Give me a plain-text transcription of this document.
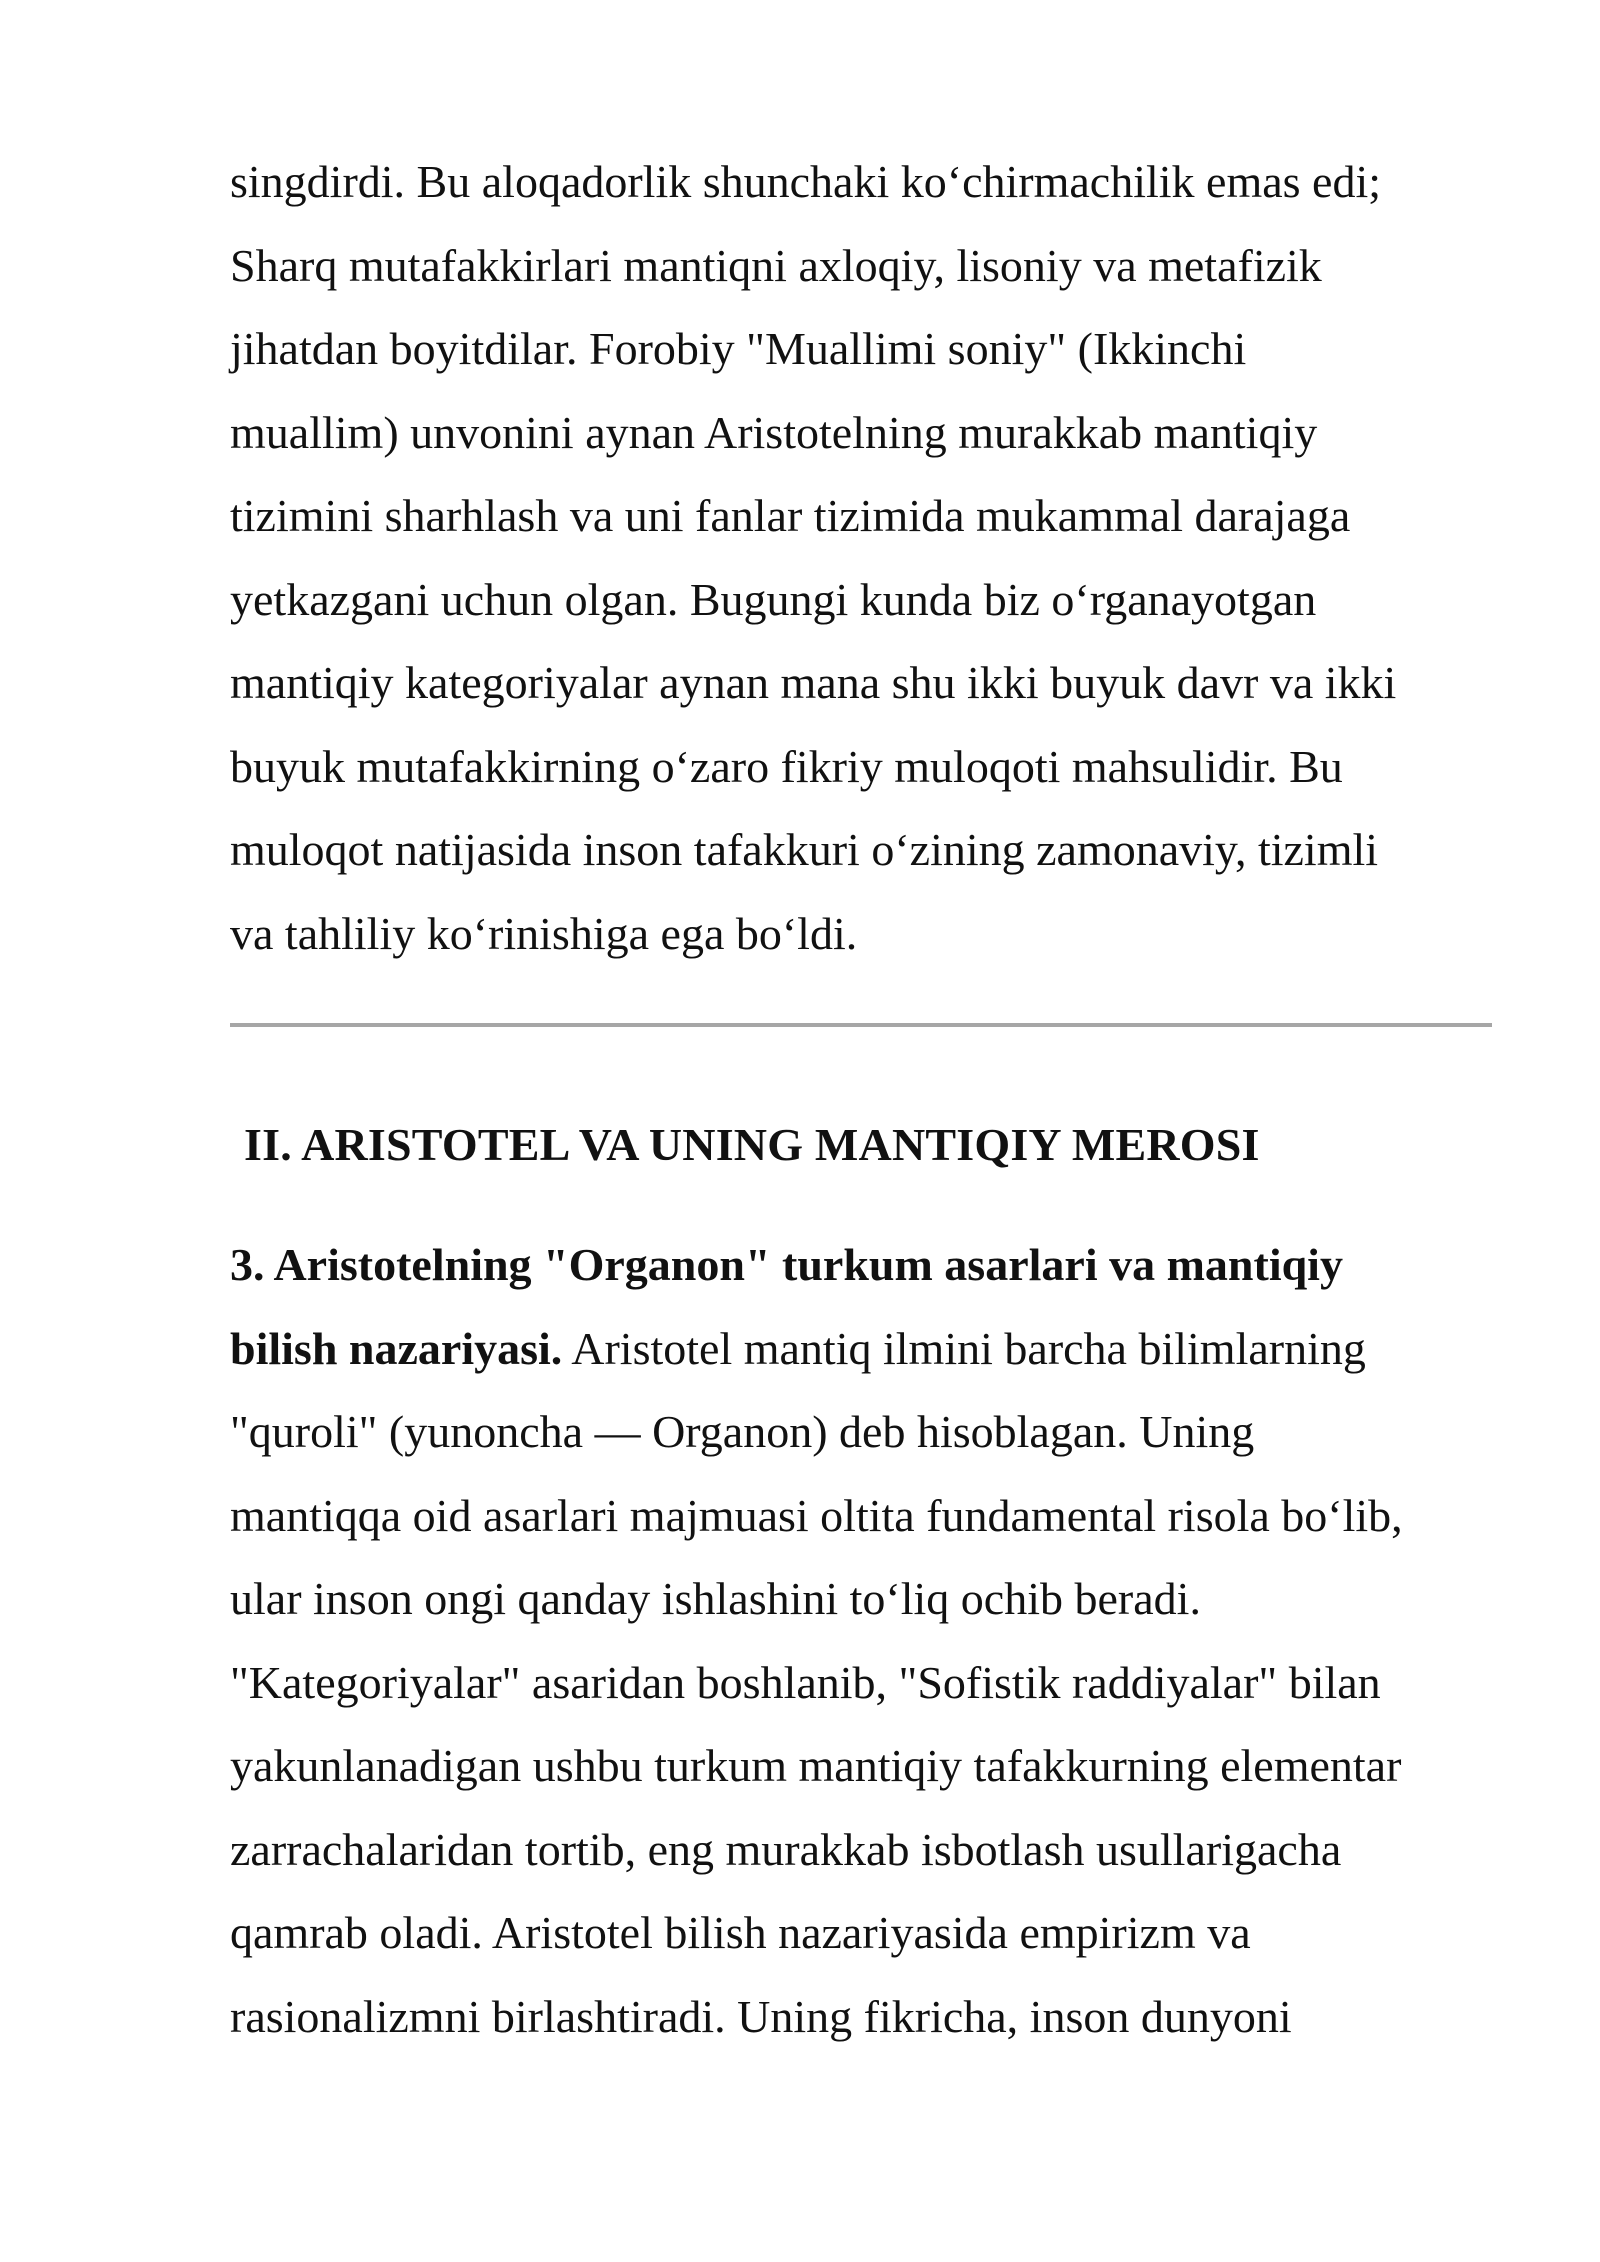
singdirdi. Bu aloqadorlik shunchaki ko‘chirmachilik emas edi;
Sharq mutafakkirlari mantiqni axloqiy, lisoniy va metafizik
jihatdan boyitdilar. Forobiy "Muallimi soniy" (Ikkinchi
muallim) unvonini aynan Aristotelning murakkab mantiqiy
tizimini sharhlash va uni fanlar tizimida mukammal darajaga
yetkazgani uchun olgan. Bugungi kunda biz o‘rganayotgan
mantiqiy kategoriyalar aynan mana shu ikki buyuk davr va ikki
buyuk mutafakkirning o‘zaro fikriy muloqoti mahsulidir. Bu
muloqot natijasida inson tafakkuri o‘zining zamonaviy, tizimli
va tahliliy ko‘rinishiga ega bo‘ldi.
II. ARISTOTEL VA UNING MANTIQIY MEROSI
3. Aristotelning "Organon" turkum asarlari va mantiqiy
bilish nazariyasi. Aristotel mantiq ilmini barcha bilimlarning
"quroli" (yunoncha — Organon) deb hisoblagan. Uning
mantiqqa oid asarlari majmuasi oltita fundamental risola bo‘lib,
ular inson ongi qanday ishlashini to‘liq ochib beradi.
"Kategoriyalar" asaridan boshlanib, "Sofistik raddiyalar" bilan
yakunlanadigan ushbu turkum mantiqiy tafakkurning elementar
zarrachalaridan tortib, eng murakkab isbotlash usullarigacha
qamrab oladi. Aristotel bilish nazariyasida empirizm va
rasionalizmni birlashtiradi. Uning fikricha, inson dunyoni
